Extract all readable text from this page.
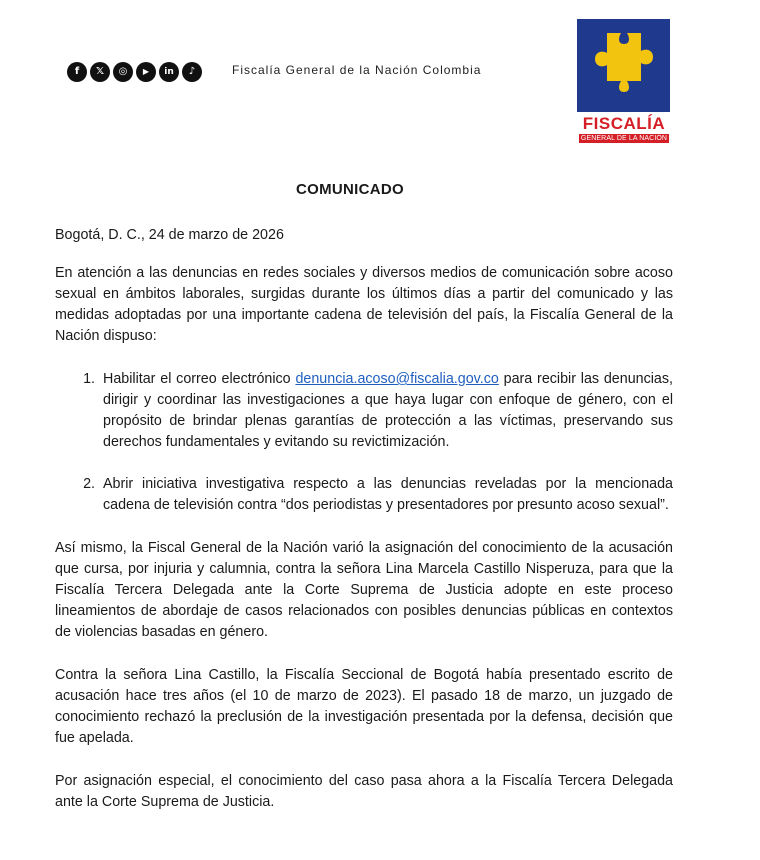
f	𝕏	◎	▶	in	♪	Fiscalía General de la Nación Colombia
FISCALÍA
GENERAL DE LA NACIÓN
COMUNICADO

Bogotá, D. C., 24 de marzo de 2026

En atención a las denuncias en redes sociales y diversos medios de comunicación sobre acoso sexual en ámbitos laborales, surgidas durante los últimos días a partir del comunicado y las medidas adoptadas por una importante cadena de televisión del país, la Fiscalía General de la Nación dispuso:

1. Habilitar el correo electrónico denuncia.acoso@fiscalia.gov.co para recibir las denuncias, dirigir y coordinar las investigaciones a que haya lugar con enfoque de género, con el propósito de brindar plenas garantías de protección a las víctimas, preservando sus derechos fundamentales y evitando su revictimización.
2. Abrir iniciativa investigativa respecto a las denuncias reveladas por la mencionada cadena de televisión contra “dos periodistas y presentadores por presunto acoso sexual”.

Así mismo, la Fiscal General de la Nación varió la asignación del conocimiento de la acusación que cursa, por injuria y calumnia, contra la señora Lina Marcela Castillo Nisperuza, para que la Fiscalía Tercera Delegada ante la Corte Suprema de Justicia adopte en este proceso lineamientos de abordaje de casos relacionados con posibles denuncias públicas en contextos de violencias basadas en género.

Contra la señora Lina Castillo, la Fiscalía Seccional de Bogotá había presentado escrito de acusación hace tres años (el 10 de marzo de 2023). El pasado 18 de marzo, un juzgado de conocimiento rechazó la preclusión de la investigación presentada por la defensa, decisión que fue apelada.

Por asignación especial, el conocimiento del caso pasa ahora a la Fiscalía Tercera Delegada ante la Corte Suprema de Justicia.
